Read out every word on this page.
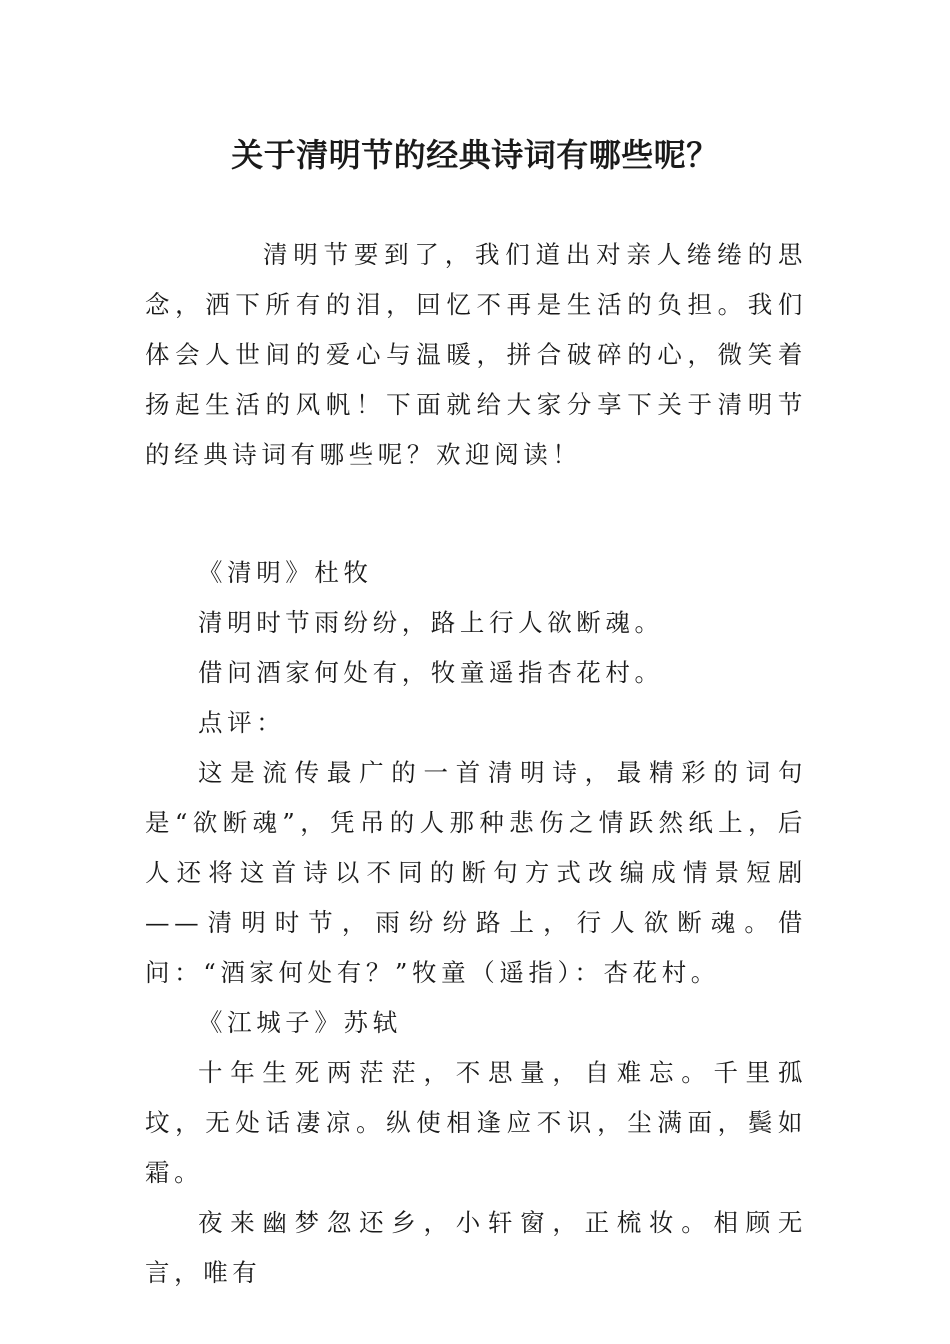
关于清明节的经典诗词有哪些呢？

清明节要到了，我们道出对亲人绻绻的思念，洒下所有的泪，回忆不再是生活的负担。我们体会人世间的爱心与温暖，拼合破碎的心，微笑着扬起生活的风帆！下面就给大家分享下关于清明节的经典诗词有哪些呢？欢迎阅读！

《清明》杜牧

清明时节雨纷纷，路上行人欲断魂。

借问酒家何处有，牧童遥指杏花村。

点评：

这是流传最广的一首清明诗，最精彩的词句是“欲断魂”，凭吊的人那种悲伤之情跃然纸上，后人还将这首诗以不同的断句方式改编成情景短剧——清明时节，雨纷纷路上，行人欲断魂。借问：“酒家何处有？”牧童（遥指）：杏花村。

《江城子》苏轼

十年生死两茫茫，不思量，自难忘。千里孤坟，无处话凄凉。纵使相逢应不识，尘满面，鬓如霜。

夜来幽梦忽还乡，小轩窗，正梳妆。相顾无言，唯有
